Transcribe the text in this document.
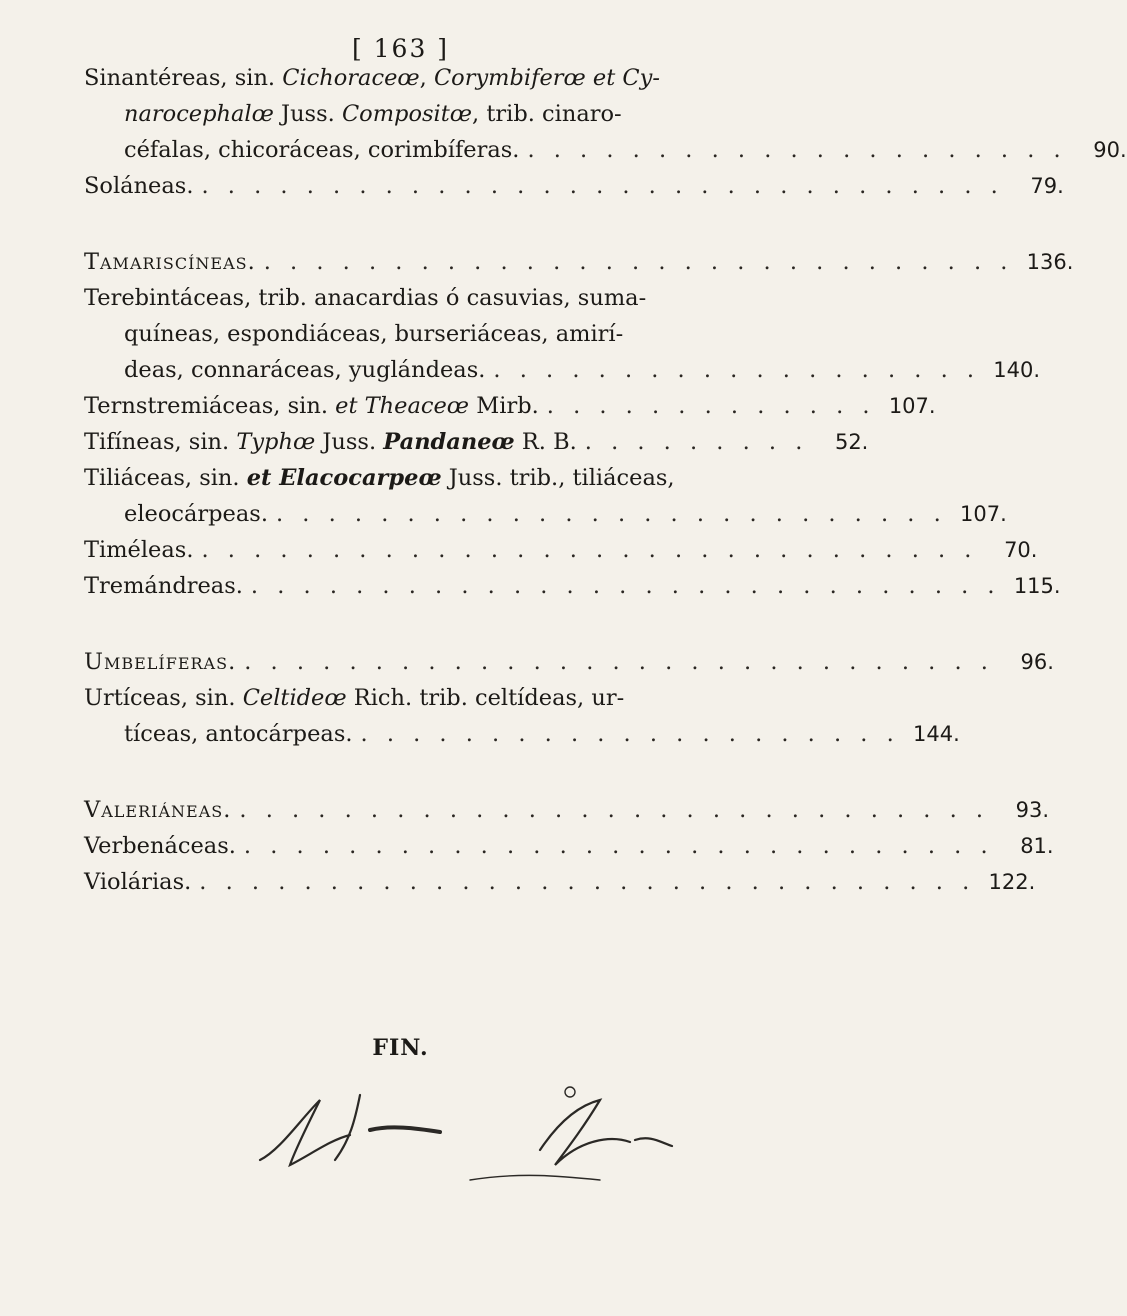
[ 163 ]
Sinantéreas, sin. Cichoraceœ, Corymbiferœ et Cy-
narocephalœ Juss. Compositœ, trib. cinaro-
céfalas, chicoráceas, corimbíferas. . . . . . . . . . . . . . . . . . . . . .	90.
Soláneas. . . . . . . . . . . . . . . . . . . . . . . . . . . . . . . .	79.
Tamariscíneas. . . . . . . . . . . . . . . . . . . . . . . . . . . . . . 136.
Terebintáceas, trib. anacardias ó casuvias, suma-
quíneas, espondiáceas, burseriáceas, amirí-
deas, connaráceas, yuglándeas. . . . . . . . . . . . . . . . . . . . 140.
Ternstremiáceas, sin. et Theaceœ Mirb. . . . . . . . . . . . . . 107.
Tifíneas, sin. Typhœ Juss. Pandaneœ R. B. . . . . . . . . .	52.
Tiliáceas, sin. et Elacocarpeœ Juss. trib., tiliáceas,
eleocárpeas. . . . . . . . . . . . . . . . . . . . . . . . . . . 107.
Timéleas. . . . . . . . . . . . . . . . . . . . . . . . . . . . . . .	70.
Tremándreas. . . . . . . . . . . . . . . . . . . . . . . . . . . . . . 115.
Umbelíferas. . . . . . . . . . . . . . . . . . . . . . . . . . . . . .	96.
Urtíceas, sin. Celtideœ Rich. trib. celtídeas, ur-
tíceas, antocárpeas. . . . . . . . . . . . . . . . . . . . . . 144.
Valeriáneas. . . . . . . . . . . . . . . . . . . . . . . . . . . . . .	93.
Verbenáceas. . . . . . . . . . . . . . . . . . . . . . . . . . . . . .	81.
Violárias. . . . . . . . . . . . . . . . . . . . . . . . . . . . . . . 122.
FIN.
